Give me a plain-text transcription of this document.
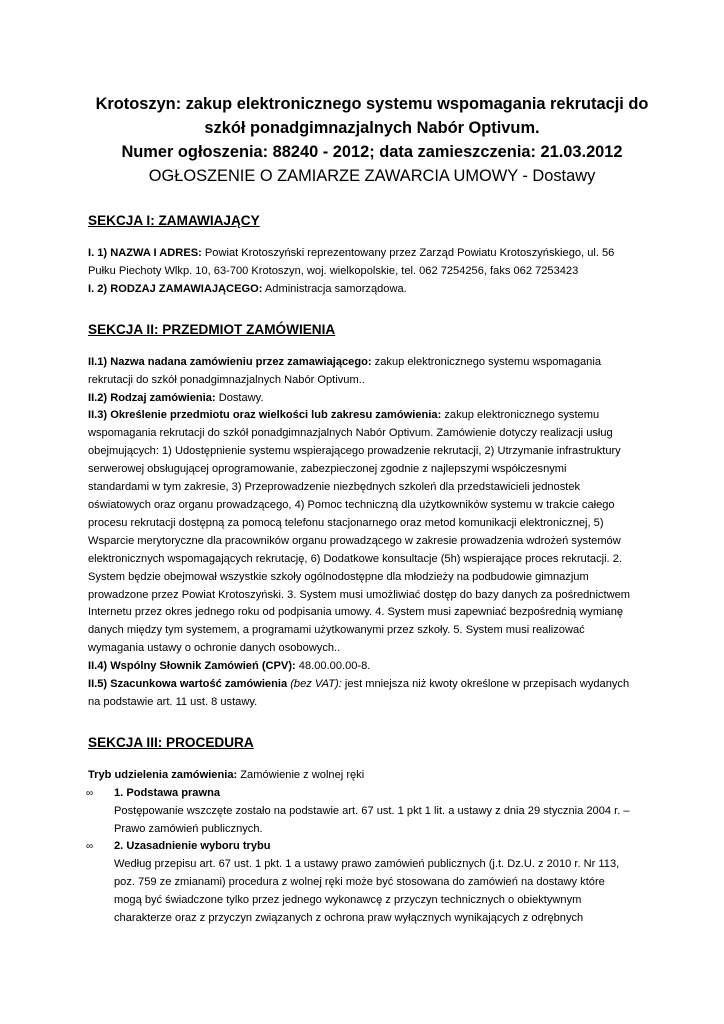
Krotoszyn: zakup elektronicznego systemu wspomagania rekrutacji do
szkół ponadgimnazjalnych Nabór Optivum.
Numer ogłoszenia: 88240 - 2012; data zamieszczenia: 21.03.2012
OGŁOSZENIE O ZAMIARZE ZAWARCIA UMOWY - Dostawy
SEKCJA I: ZAMAWIAJĄCY

I. 1) NAZWA I ADRES: Powiat Krotoszyński reprezentowany przez Zarząd Powiatu Krotoszyńskiego, ul. 56

Pułku Piechoty Wlkp. 10, 63-700 Krotoszyn, woj. wielkopolskie, tel. 062 7254256, faks 062 7253423

I. 2) RODZAJ ZAMAWIAJĄCEGO: Administracja samorządowa.

SEKCJA II: PRZEDMIOT ZAMÓWIENIA

II.1) Nazwa nadana zamówieniu przez zamawiającego: zakup elektronicznego systemu wspomagania

rekrutacji do szkół ponadgimnazjalnych Nabór Optivum..

II.2) Rodzaj zamówienia: Dostawy.

II.3) Określenie przedmiotu oraz wielkości lub zakresu zamówienia: zakup elektronicznego systemu

wspomagania rekrutacji do szkół ponadgimnazjalnych Nabór Optivum. Zamówienie dotyczy realizacji usług

obejmujących: 1) Udostępnienie systemu wspierającego prowadzenie rekrutacji, 2) Utrzymanie infrastruktury

serwerowej obsługującej oprogramowanie, zabezpieczonej zgodnie z najlepszymi współczesnymi

standardami w tym zakresie, 3) Przeprowadzenie niezbędnych szkoleń dla przedstawicieli jednostek

oświatowych oraz organu prowadzącego, 4) Pomoc techniczną dla użytkowników systemu w trakcie całego

procesu rekrutacji dostępną za pomocą telefonu stacjonarnego oraz metod komunikacji elektronicznej, 5)

Wsparcie merytoryczne dla pracowników organu prowadzącego w zakresie prowadzenia wdrożeń systemów

elektronicznych wspomagających rekrutację, 6) Dodatkowe konsultacje (5h) wspierające proces rekrutacji. 2.

System będzie obejmował wszystkie szkoły ogólnodostępne dla młodzieży na podbudowie gimnazjum

prowadzone przez Powiat Krotoszyński. 3. System musi umożliwiać dostęp do bazy danych za pośrednictwem

Internetu przez okres jednego roku od podpisania umowy. 4. System musi zapewniać bezpośrednią wymianę

danych między tym systemem, a programami użytkowanymi przez szkoły. 5. System musi realizować

wymagania ustawy o ochronie danych osobowych..

II.4) Wspólny Słownik Zamówień (CPV): 48.00.00.00-8.

II.5) Szacunkowa wartość zamówienia (bez VAT): jest mniejsza niż kwoty określone w przepisach wydanych

na podstawie art. 11 ust. 8 ustawy.

SEKCJA III: PROCEDURA

Tryb udzielenia zamówienia: Zamówienie z wolnej ręki

∞ 1. Podstawa prawna

Postępowanie wszczęte zostało na podstawie art. 67 ust. 1 pkt 1 lit. a ustawy z dnia 29 stycznia 2004 r. –

Prawo zamówień publicznych.

∞ 2. Uzasadnienie wyboru trybu

Według przepisu art. 67 ust. 1 pkt. 1 a ustawy prawo zamówień publicznych (j.t. Dz.U. z 2010 r. Nr 113,

poz. 759 ze zmianami) procedura z wolnej ręki może być stosowana do zamówień na dostawy które

mogą być świadczone tylko przez jednego wykonawcę z przyczyn technicznych o obiektywnym

charakterze oraz z przyczyn związanych z ochrona praw wyłącznych wynikających z odrębnych
